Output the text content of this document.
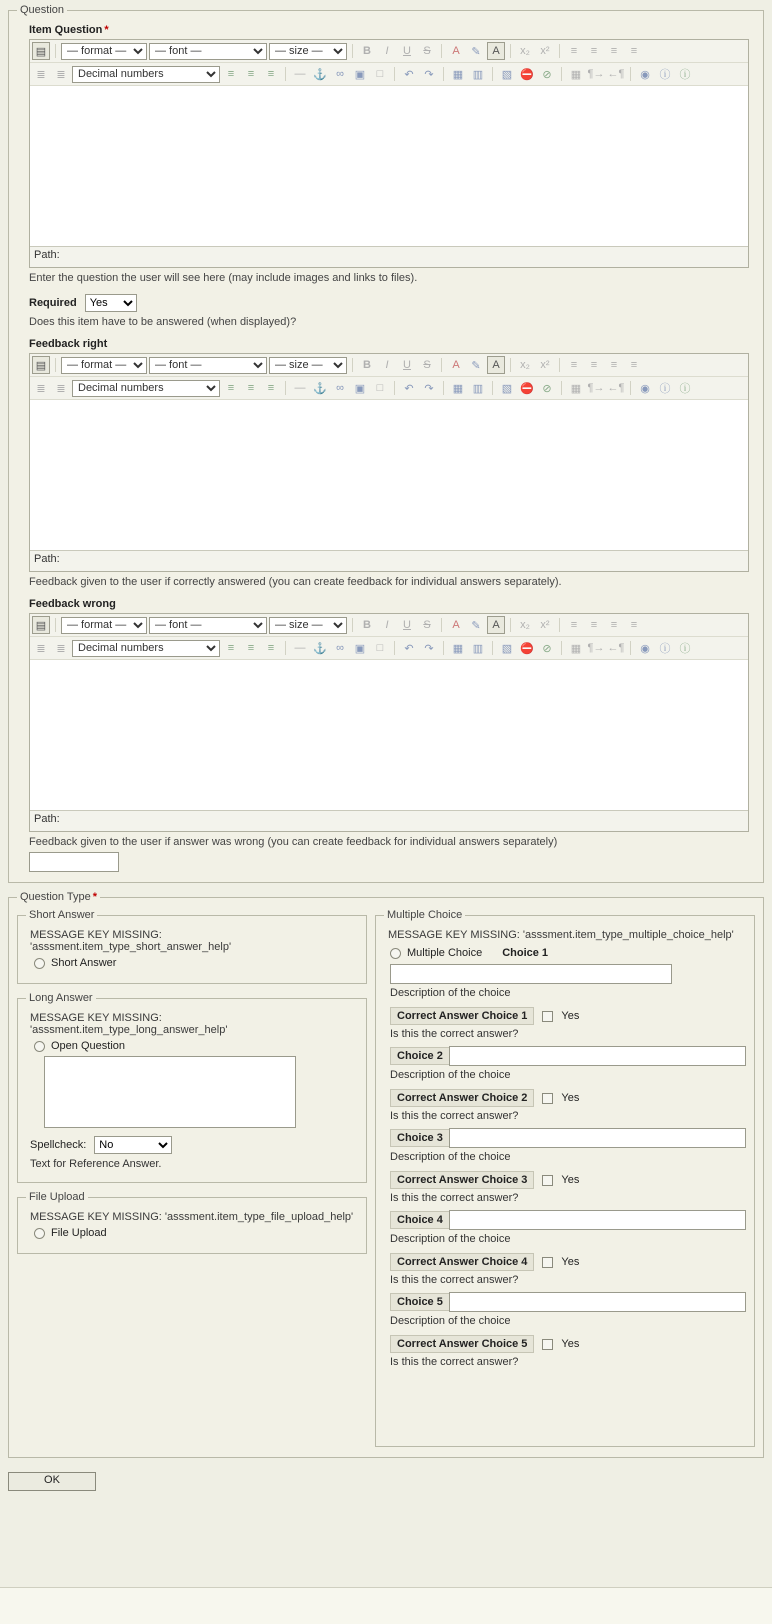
Question
Item Question *
▤
— format —
— font —
— size —	B	I	U	S	A	✎	A	x₂ x²	≡	≡	≡	≡
≣ ≣
Decimal numbers	≡	≡	≡	— ⚓ ∞ ▣	□	↶ ↷	▦ ▥	▧ ⛔ ⊘	▦ ¶→ ←¶	◉ ⓘ ⓘ
Path:
Enter the question the user will see here (may include images and links to files).
Required
Yes
Does this item have to be answered (when displayed)?
Feedback right
▤
— format —
— font —
— size —	B	I	U	S	A	✎	A	x₂ x²	≡	≡	≡	≡
≣ ≣
Decimal numbers	≡	≡	≡	— ⚓ ∞ ▣	□	↶ ↷	▦ ▥	▧ ⛔ ⊘	▦ ¶→ ←¶	◉ ⓘ ⓘ
Path:
Feedback given to the user if correctly answered (you can create feedback for individual answers separately).
Feedback wrong
▤
— format —
— font —
— size —	B	I	U	S	A	✎	A	x₂ x²	≡	≡	≡	≡
≣ ≣
Decimal numbers	≡	≡	≡	— ⚓ ∞ ▣	□	↶ ↷	▦ ▥	▧ ⛔ ⊘	▦ ¶→ ←¶	◉ ⓘ ⓘ
Path:
Feedback given to the user if answer was wrong (you can create feedback for individual answers separately)
Question Type *
Short Answer
MESSAGE KEY MISSING: 'asssment.item_type_short_answer_help'
Short Answer
Long Answer
MESSAGE KEY MISSING: 'asssment.item_type_long_answer_help'
Open Question
Spellcheck:
No
Text for Reference Answer.
File Upload
MESSAGE KEY MISSING: 'asssment.item_type_file_upload_help'
File Upload
Multiple Choice
MESSAGE KEY MISSING: 'asssment.item_type_multiple_choice_help'
Multiple Choice	Choice 1
Description of the choice
Correct Answer Choice 1	Yes
Is this the correct answer?
Choice 2
Description of the choice
Correct Answer Choice 2	Yes
Is this the correct answer?
Choice 3
Description of the choice
Correct Answer Choice 3	Yes
Is this the correct answer?
Choice 4
Description of the choice
Correct Answer Choice 4	Yes
Is this the correct answer?
Choice 5
Description of the choice
Correct Answer Choice 5	Yes
Is this the correct answer?
OK
